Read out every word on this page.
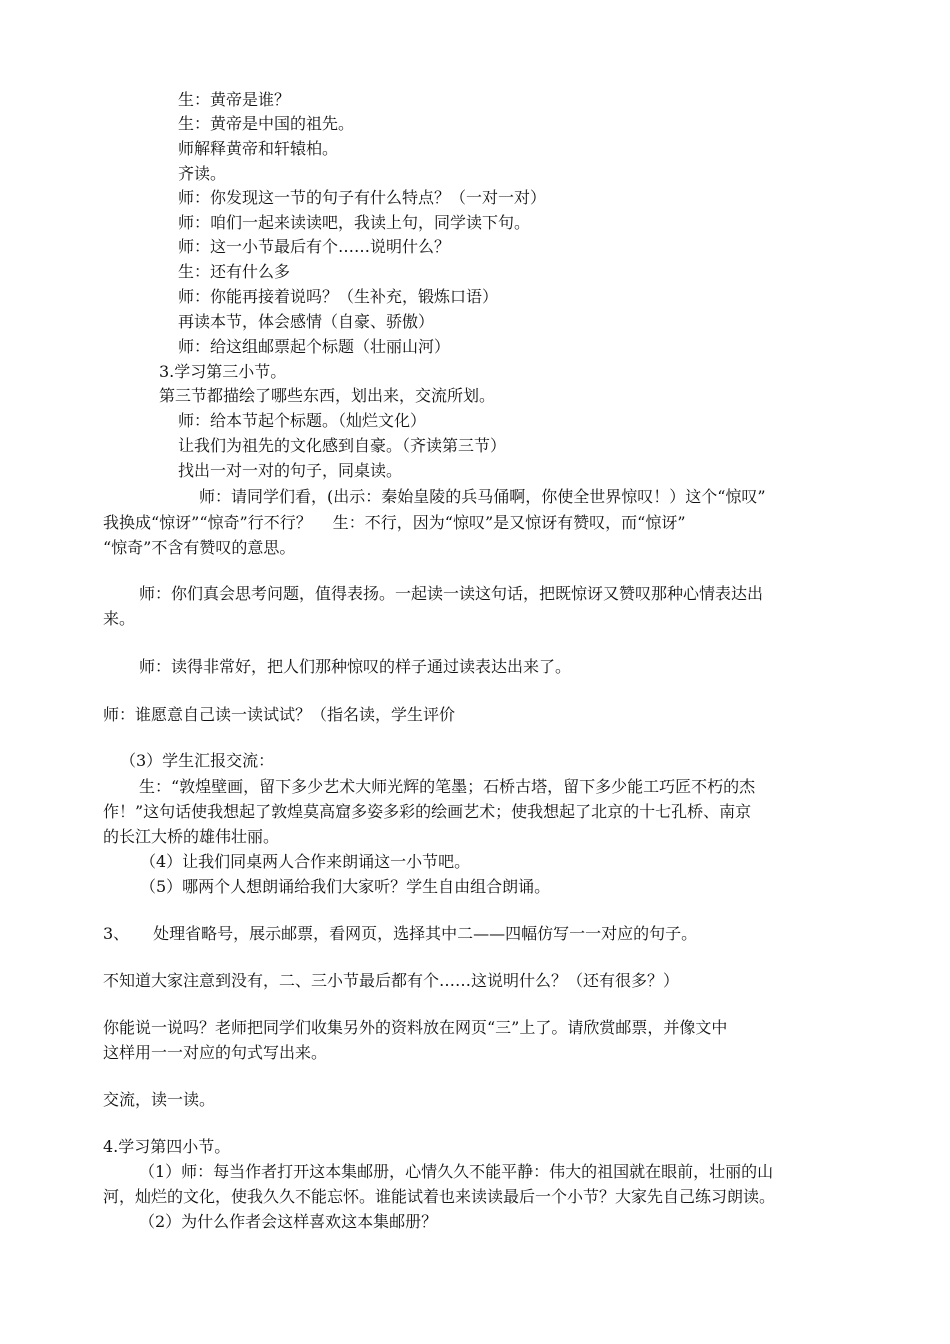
生：黄帝是谁？

生：黄帝是中国的祖先。

师解释黄帝和轩辕柏。

齐读。

师：你发现这一节的句子有什么特点？（一对一对）

师：咱们一起来读读吧，我读上句，同学读下句。

师：这一小节最后有个……说明什么？

生：还有什么多

师：你能再接着说吗？（生补充，锻炼口语）

再读本节，体会感情（自豪、骄傲）

师：给这组邮票起个标题（壮丽山河）

3.学习第三小节。

第三节都描绘了哪些东西，划出来，交流所划。

师：给本节起个标题。（灿烂文化）

让我们为祖先的文化感到自豪。（齐读第三节）

找出一对一对的句子，同桌读。

师：请同学们看，(出示：秦始皇陵的兵马俑啊，你使全世界惊叹！）这个“惊叹”

我换成“惊讶”“惊奇”行不行？　 生：不行，因为“惊叹”是又惊讶有赞叹，而“惊讶”

“惊奇”不含有赞叹的意思。

师：你们真会思考问题，值得表扬。一起读一读这句话，把既惊讶又赞叹那种心情表达出

来。

师：读得非常好，把人们那种惊叹的样子通过读表达出来了。

师：谁愿意自己读一读试试？（指名读，学生评价

（3）学生汇报交流：

生：“敦煌壁画，留下多少艺术大师光辉的笔墨；石桥古塔，留下多少能工巧匠不朽的杰

作！”这句话使我想起了敦煌莫高窟多姿多彩的绘画艺术；使我想起了北京的十七孔桥、南京

的长江大桥的雄伟壮丽。

（4）让我们同桌两人合作来朗诵这一小节吧。

（5）哪两个人想朗诵给我们大家听？学生自由组合朗诵。

3、　　处理省略号，展示邮票，看网页，选择其中二——四幅仿写一一对应的句子。

不知道大家注意到没有，二、三小节最后都有个……这说明什么？（还有很多？）

你能说一说吗？老师把同学们收集另外的资料放在网页“三”上了。请欣赏邮票，并像文中

这样用一一对应的句式写出来。

交流，读一读。

4.学习第四小节。

（1）师：每当作者打开这本集邮册，心情久久不能平静：伟大的祖国就在眼前，壮丽的山

河，灿烂的文化，使我久久不能忘怀。谁能试着也来读读最后一个小节？大家先自己练习朗读。

（2）为什么作者会这样喜欢这本集邮册？
